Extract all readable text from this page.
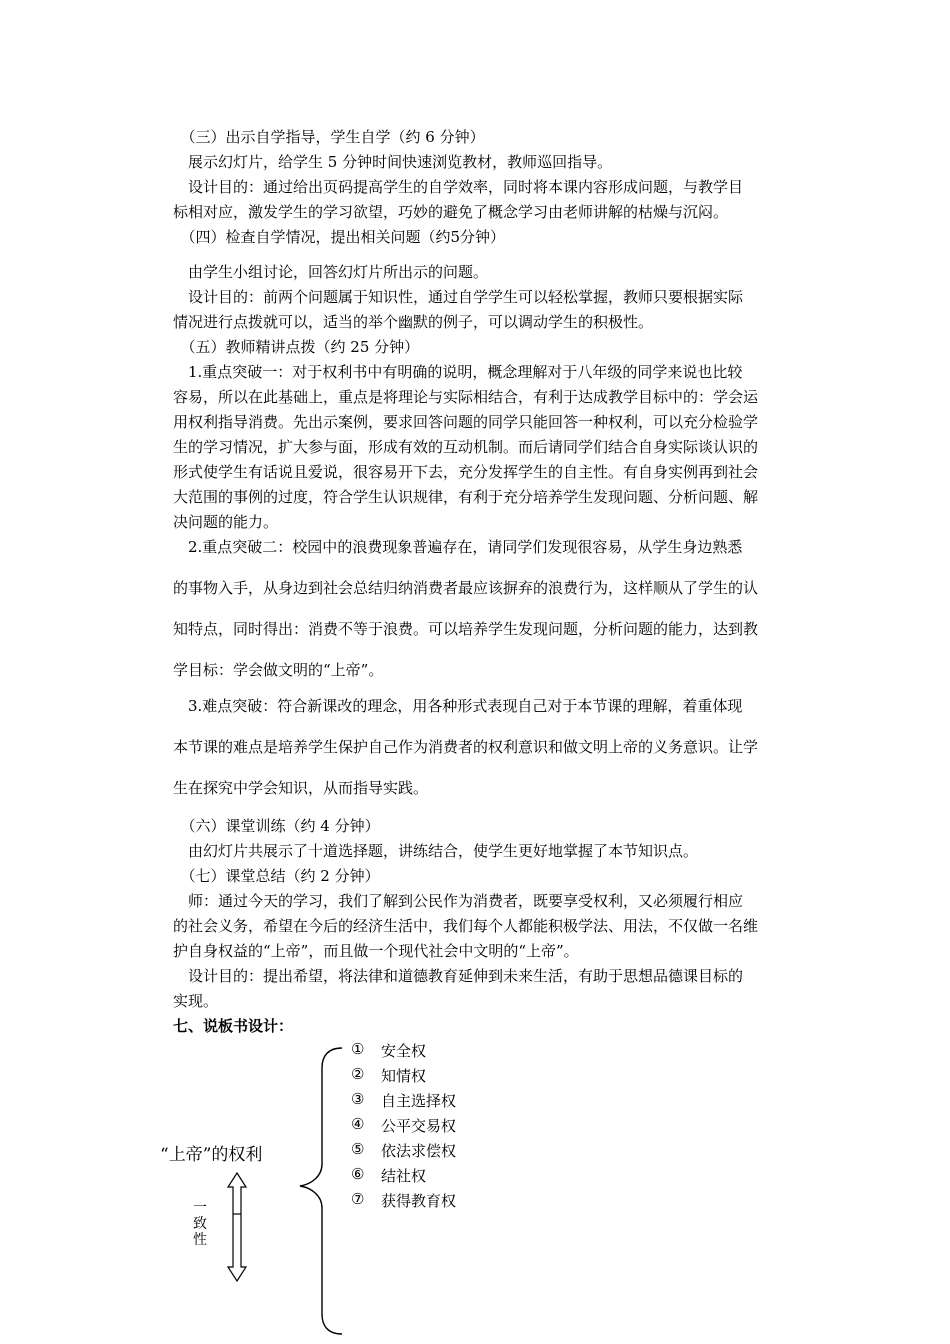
　（三）出示自学指导，学生自学（约 6 分钟）
　展示幻灯片，给学生 5 分钟时间快速浏览教材，教师巡回指导。
　设计目的：通过给出页码提高学生的自学效率，同时将本课内容形成问题，与教学目
标相对应，激发学生的学习欲望，巧妙的避免了概念学习由老师讲解的枯燥与沉闷。
　（四）检查自学情况，提出相关问题（约5分钟）
　由学生小组讨论，回答幻灯片所出示的问题。
　设计目的：前两个问题属于知识性，通过自学学生可以轻松掌握，教师只要根据实际
情况进行点拨就可以，适当的举个幽默的例子，可以调动学生的积极性。
　（五）教师精讲点拨（约 25 分钟）
　1.重点突破一：对于权利书中有明确的说明，概念理解对于八年级的同学来说也比较
容易，所以在此基础上，重点是将理论与实际相结合，有利于达成教学目标中的：学会运
用权利指导消费。先出示案例，要求回答问题的同学只能回答一种权利，可以充分检验学
生的学习情况，扩大参与面，形成有效的互动机制。而后请同学们结合自身实际谈认识的
形式使学生有话说且爱说，很容易开下去，充分发挥学生的自主性。有自身实例再到社会
大范围的事例的过度，符合学生认识规律，有利于充分培养学生发现问题、分析问题、解
决问题的能力。
　2.重点突破二：校园中的浪费现象普遍存在，请同学们发现很容易，从学生身边熟悉
的事物入手，从身边到社会总结归纳消费者最应该摒弃的浪费行为，这样顺从了学生的认
知特点，同时得出：消费不等于浪费。可以培养学生发现问题，分析问题的能力，达到教
学目标：学会做文明的“上帝”。
　3.难点突破：符合新课改的理念，用各种形式表现自己对于本节课的理解，着重体现
本节课的难点是培养学生保护自己作为消费者的权利意识和做文明上帝的义务意识。让学
生在探究中学会知识，从而指导实践。
　（六）课堂训练（约 4 分钟）
　由幻灯片共展示了十道选择题，讲练结合，使学生更好地掌握了本节知识点。
　（七）课堂总结（约 2 分钟）
　师：通过今天的学习，我们了解到公民作为消费者，既要享受权利，又必须履行相应
的社会义务，希望在今后的经济生活中，我们每个人都能积极学法、用法，不仅做一名维
护自身权益的“上帝”，而且做一个现代社会中文明的“上帝”。
　设计目的：提出希望，将法律和道德教育延伸到未来生活，有助于思想品德课目标的
实现。
七、说板书设计：
“上帝”的权利
一
致
性
① 安全权
② 知情权
③ 自主选择权
④ 公平交易权
⑤ 依法求偿权
⑥ 结社权
⑦ 获得教育权
